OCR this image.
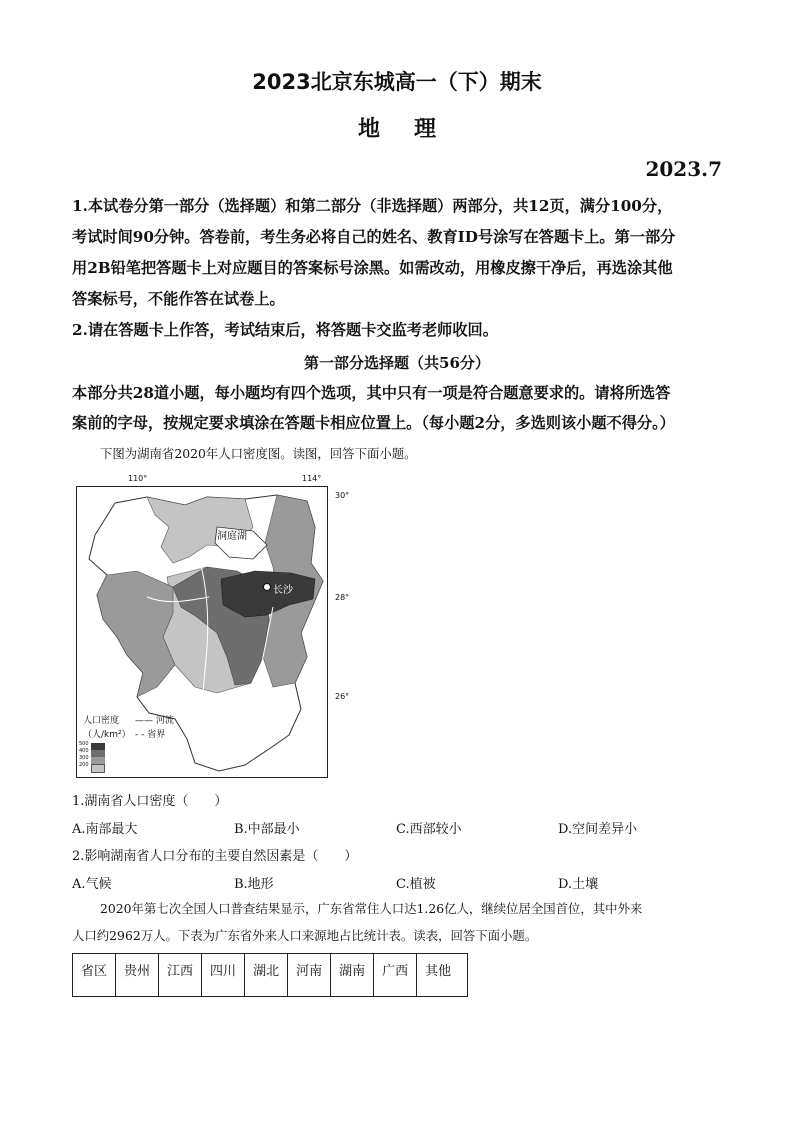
2023北京东城高一（下）期末
地理
2023.7
1.本试卷分第一部分（选择题）和第二部分（非选择题）两部分，共12页，满分100分，
考试时间90分钟。答卷前，考生务必将自己的姓名、教育ID号涂写在答题卡上。第一部分
用2B铅笔把答题卡上对应题目的答案标号涂黑。如需改动，用橡皮擦干净后，再选涂其他
答案标号，不能作答在试卷上。
2.请在答题卡上作答，考试结束后，将答题卡交监考老师收回。
第一部分选择题（共56分）
本部分共28道小题，每小题均有四个选项，其中只有一项是符合题意要求的。请将所选答
案前的字母，按规定要求填涂在答题卡相应位置上。（每小题2分，多选则该小题不得分。）
下图为湖南省2020年人口密度图。读图，回答下面小题。
110°	114°
30°
28°
26°
洞庭湖
长沙
人口密度
（人/km²）
—— 河流
- - 省界
500
400
300
200
1.湖南省人口密度（　　）
A.南部最大	B.中部最小	C.西部较小	D.空间差异小
2.影响湖南省人口分布的主要自然因素是（　　）
A.气候	B.地形	C.植被	D.土壤
2020年第七次全国人口普查结果显示，广东省常住人口达1.26亿人，继续位居全国首位，其中外来
人口约2962万人。下表为广东省外来人口来源地占比统计表。读表，回答下面小题。
省区	贵州	江西	四川	湖北	河南	湖南	广西	其他
